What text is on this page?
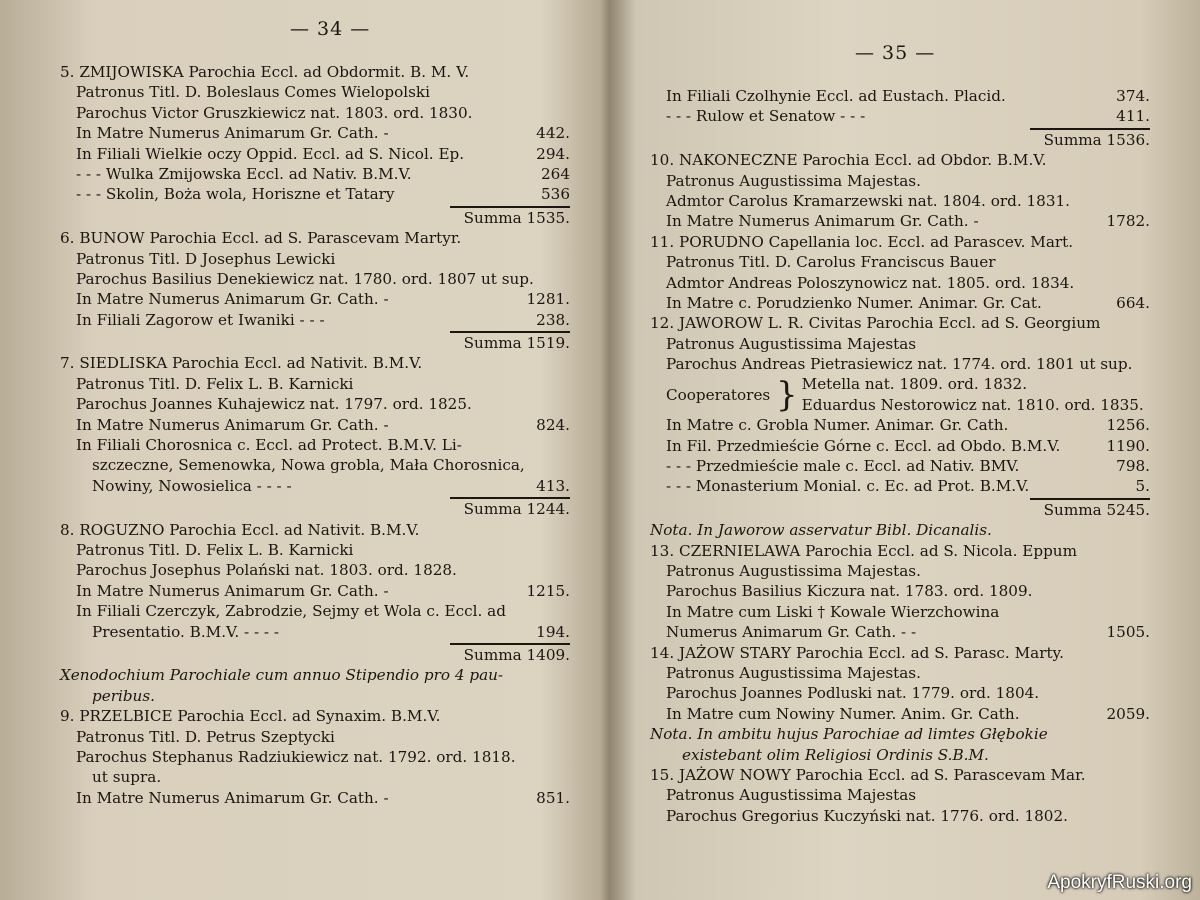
— 34 —
5. ZMIJOWISKA Parochia Eccl. ad Obdormit. B. M. V.
Patronus Titl. D. Boleslaus Comes Wielopolski
Parochus Victor Gruszkiewicz nat. 1803. ord. 1830.
In Matre Numerus Animarum Gr. Cath. -	442.
In Filiali Wielkie oczy Oppid. Eccl. ad S. Nicol. Ep.	294.
- - - Wulka Zmijowska Eccl. ad Nativ. B.M.V.	264
- - - Skolin, Boża wola, Horiszne et Tatary	536
Summa 1535.
6. BUNOW Parochia Eccl. ad S. Parascevam Martyr.
Patronus Titl. D Josephus Lewicki
Parochus Basilius Denekiewicz nat. 1780. ord. 1807 ut sup.
In Matre Numerus Animarum Gr. Cath. -	1281.
In Filiali Zagorow et Iwaniki - - -	238.
Summa 1519.
7. SIEDLISKA Parochia Eccl. ad Nativit. B.M.V.
Patronus Titl. D. Felix L. B. Karnicki
Parochus Joannes Kuhajewicz nat. 1797. ord. 1825.
In Matre Numerus Animarum Gr. Cath. -	824.
In Filiali Chorosnica c. Eccl. ad Protect. B.M.V. Li-
szczeczne, Semenowka, Nowa grobla, Mała Chorosnica,
Nowiny, Nowosielica - - - -	413.
Summa 1244.
8. ROGUZNO Parochia Eccl. ad Nativit. B.M.V.
Patronus Titl. D. Felix L. B. Karnicki
Parochus Josephus Polański nat. 1803. ord. 1828.
In Matre Numerus Animarum Gr. Cath. -	1215.
In Filiali Czerczyk, Zabrodzie, Sejmy et Wola c. Eccl. ad
Presentatio. B.M.V. - - - -	194.
Summa 1409.
Xenodochium Parochiale cum annuo Stipendio pro 4 pau-
peribus.
9. PRZELBICE Parochia Eccl. ad Synaxim. B.M.V.
Patronus Titl. D. Petrus Szeptycki
Parochus Stephanus Radziukiewicz nat. 1792. ord. 1818.
ut supra.
In Matre Numerus Animarum Gr. Cath. -	851.
— 35 —
In Filiali Czolhynie Eccl. ad Eustach. Placid.	374.
- - - Rulow et Senatow - - -	411.
Summa 1536.
10. NAKONECZNE Parochia Eccl. ad Obdor. B.M.V.
Patronus Augustissima Majestas.
Admtor Carolus Kramarzewski nat. 1804. ord. 1831.
In Matre Numerus Animarum Gr. Cath. -	1782.
11. PORUDNO Capellania loc. Eccl. ad Parascev. Mart.
Patronus Titl. D. Carolus Franciscus Bauer
Admtor Andreas Poloszynowicz nat. 1805. ord. 1834.
In Matre c. Porudzienko Numer. Animar. Gr. Cat.	664.
12. JAWOROW L. R. Civitas Parochia Eccl. ad S. Georgium
Patronus Augustissima Majestas
Parochus Andreas Pietrasiewicz nat. 1774. ord. 1801 ut sup.
Cooperatores } Metella nat. 1809. ord. 1832.
Eduardus Nestorowicz nat. 1810. ord. 1835.
In Matre c. Grobla Numer. Animar. Gr. Cath.	1256.
In Fil. Przedmieście Górne c. Eccl. ad Obdo. B.M.V.	1190.
- - - Przedmieście male c. Eccl. ad Nativ. BMV.	798.
- - - Monasterium Monial. c. Ec. ad Prot. B.M.V.	5.
Summa 5245.
Nota. In Jaworow asservatur Bibl. Dicanalis.
13. CZERNIELAWA Parochia Eccl. ad S. Nicola. Eppum
Patronus Augustissima Majestas.
Parochus Basilius Kiczura nat. 1783. ord. 1809.
In Matre cum Liski † Kowale Wierzchowina
Numerus Animarum Gr. Cath. - -	1505.
14. JAŻOW STARY Parochia Eccl. ad S. Parasc. Marty.
Patronus Augustissima Majestas.
Parochus Joannes Podluski nat. 1779. ord. 1804.
In Matre cum Nowiny Numer. Anim. Gr. Cath.	2059.
Nota. In ambitu hujus Parochiae ad limtes Głębokie
existebant olim Religiosi Ordinis S.B.M.
15. JAŻOW NOWY Parochia Eccl. ad S. Parascevam Mar.
Patronus Augustissima Majestas
Parochus Gregorius Kuczyński nat. 1776. ord. 1802.
ApokryfRuski.org
